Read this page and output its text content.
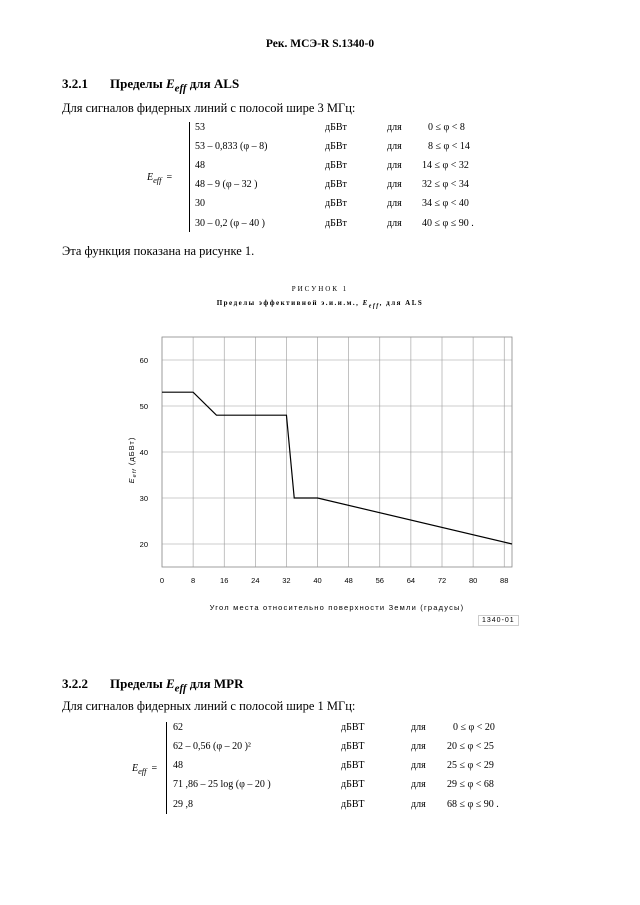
Рек. МСЭ-R S.1340-0
3.2.1 Пределы $E_{eff}$ для ALS
Для сигналов фидерных линий с полосой шире 3 МГц:
$E_{eff}$ =
53	дБВт	для	0 ≤ φ < 8
53 – 0,833 (φ – 8)	дБВт	для	8 ≤ φ < 14
48	дБВт	для 14 ≤ φ < 32
48 – 9 (φ – 32 )	дБВт	для 32 ≤ φ < 34
30	дБВт	для 34 ≤ φ < 40
30 – 0,2 (φ – 40 )	дБВт	для 40 ≤ φ ≤ 90 .
Эта функция показана на рисунке 1.
РИСУНОК 1
Пределы эффективной э.и.и.м., $E_{eff}$, для ALS
0	8	16	24	32	40	48	56	64	72	80	88
20
30
40
50
60
Угол места относительно поверхности Земли (градусы)
$E_{eff}$ (дБВт)
1340-01
3.2.2 Пределы $E_{eff}$ для MPR
Для сигналов фидерных линий с полосой шире 1 МГц:
$E_{eff}$ =
62	дБВТ	для	0 ≤ φ < 20
62 – 0,56 (φ – 20 )²	дБВТ	для 20 ≤ φ < 25
48	дБВТ	для 25 ≤ φ < 29
71 ,86 – 25 log (φ – 20 )	дБВТ	для 29 ≤ φ < 68
29 ,8	дБВТ	для 68 ≤ φ ≤ 90 .
